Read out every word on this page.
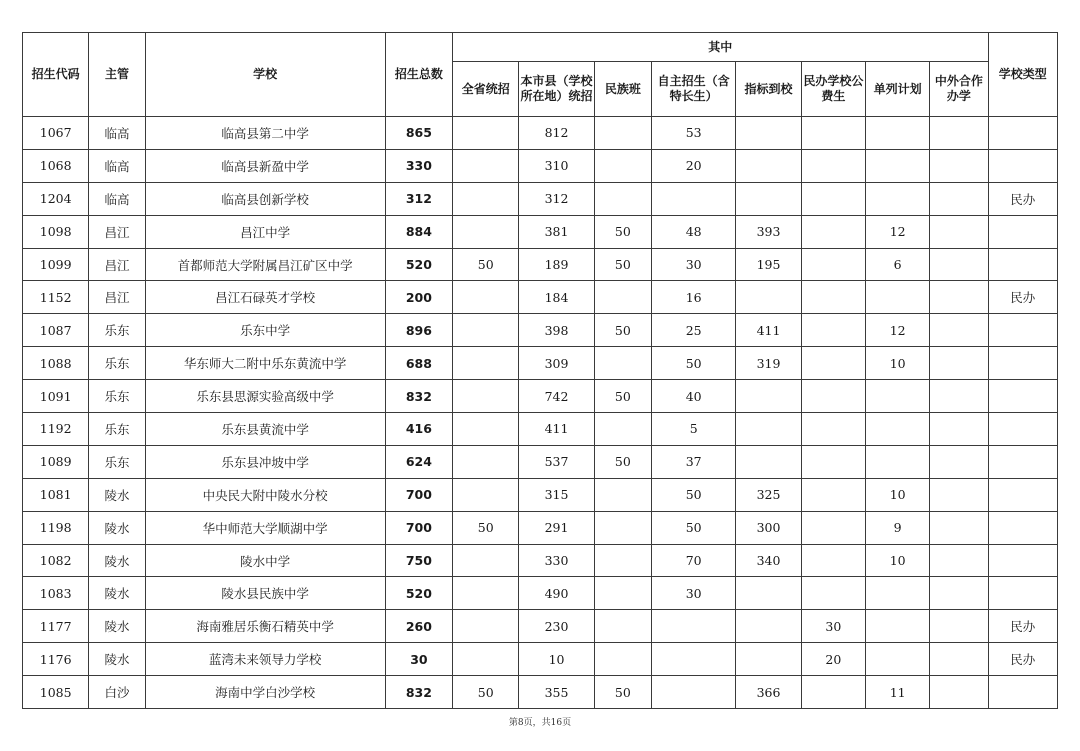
招生代码	主管	学校	招生总数	其中								学校类型
				全省统招	本市县（学校所在地）统招	民族班	自主招生（含特长生）	指标到校	民办学校公费生	单列计划	中外合作办学	
1067	临高	临高县第二中学	865		812		53					
1068	临高	临高县新盈中学	330		310		20					
1204	临高	临高县创新学校	312		312							民办
1098	昌江	昌江中学	884		381	50	48	393		12		
1099	昌江	首都师范大学附属昌江矿区中学	520	50	189	50	30	195		6		
1152	昌江	昌江石碌英才学校	200		184		16					民办
1087	乐东	乐东中学	896		398	50	25	411		12		
1088	乐东	华东师大二附中乐东黄流中学	688		309		50	319		10		
1091	乐东	乐东县思源实验高级中学	832		742	50	40					
1192	乐东	乐东县黄流中学	416		411		5					
1089	乐东	乐东县冲坡中学	624		537	50	37					
1081	陵水	中央民大附中陵水分校	700		315		50	325		10		
1198	陵水	华中师范大学顺湖中学	700	50	291		50	300		9		
1082	陵水	陵水中学	750		330		70	340		10		
1083	陵水	陵水县民族中学	520		490		30					
1177	陵水	海南雅居乐衡石精英中学	260		230				30			民办
1176	陵水	蓝湾未来领导力学校	30		10				20			民办
1085	白沙	海南中学白沙学校	832	50	355	50		366		11		
第8页，共16页
